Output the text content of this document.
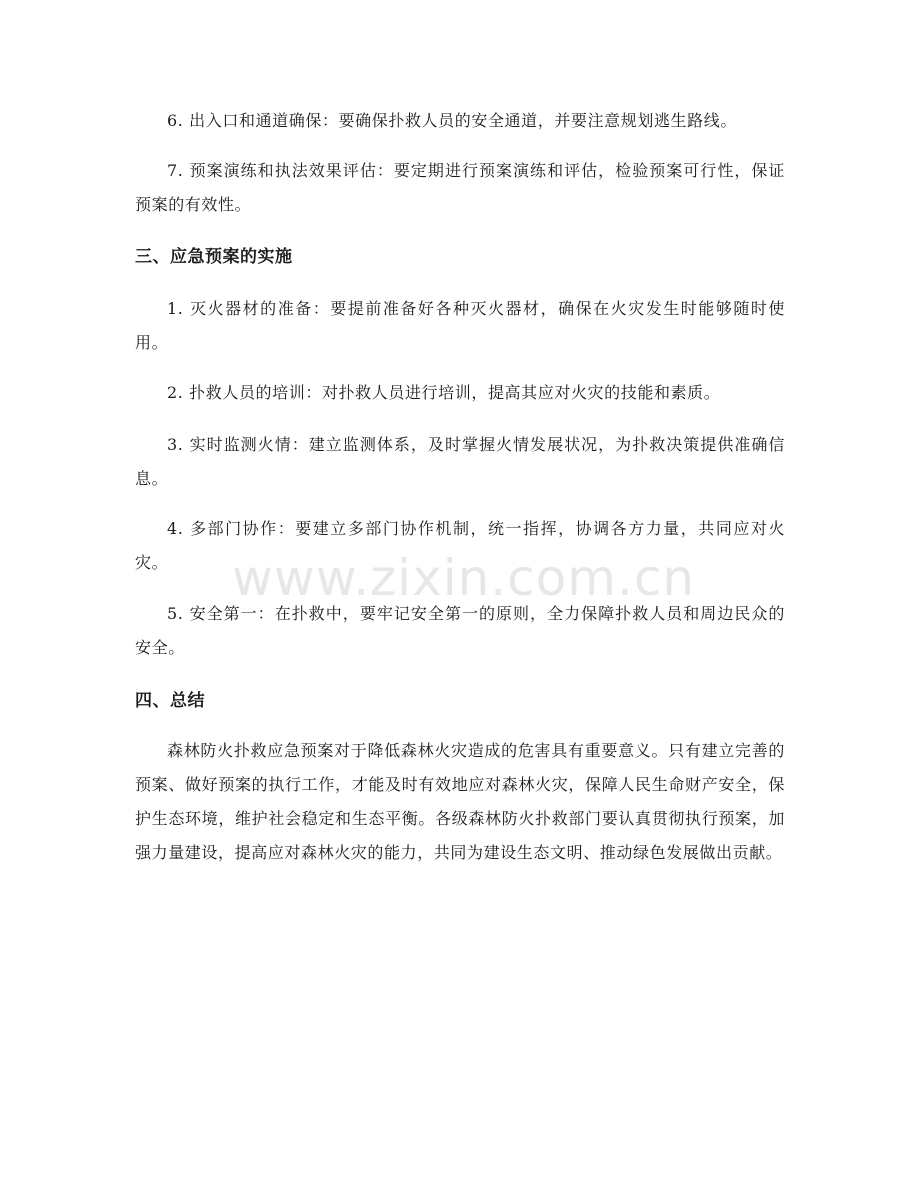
6. 出入口和通道确保：要确保扑救人员的安全通道，并要注意规划逃生路线。

7. 预案演练和执法效果评估：要定期进行预案演练和评估，检验预案可行性，保证预案的有效性。

三、应急预案的实施

1. 灭火器材的准备：要提前准备好各种灭火器材，确保在火灾发生时能够随时使用。

2. 扑救人员的培训：对扑救人员进行培训，提高其应对火灾的技能和素质。

3. 实时监测火情：建立监测体系，及时掌握火情发展状况，为扑救决策提供准确信息。

4. 多部门协作：要建立多部门协作机制，统一指挥，协调各方力量，共同应对火灾。

5. 安全第一：在扑救中，要牢记安全第一的原则，全力保障扑救人员和周边民众的安全。

四、总结

森林防火扑救应急预案对于降低森林火灾造成的危害具有重要意义。只有建立完善的预案、做好预案的执行工作，才能及时有效地应对森林火灾，保障人民生命财产安全，保护生态环境，维护社会稳定和生态平衡。各级森林防火扑救部门要认真贯彻执行预案，加强力量建设，提高应对森林火灾的能力，共同为建设生态文明、推动绿色发展做出贡献。

www.zixin.com.cn
